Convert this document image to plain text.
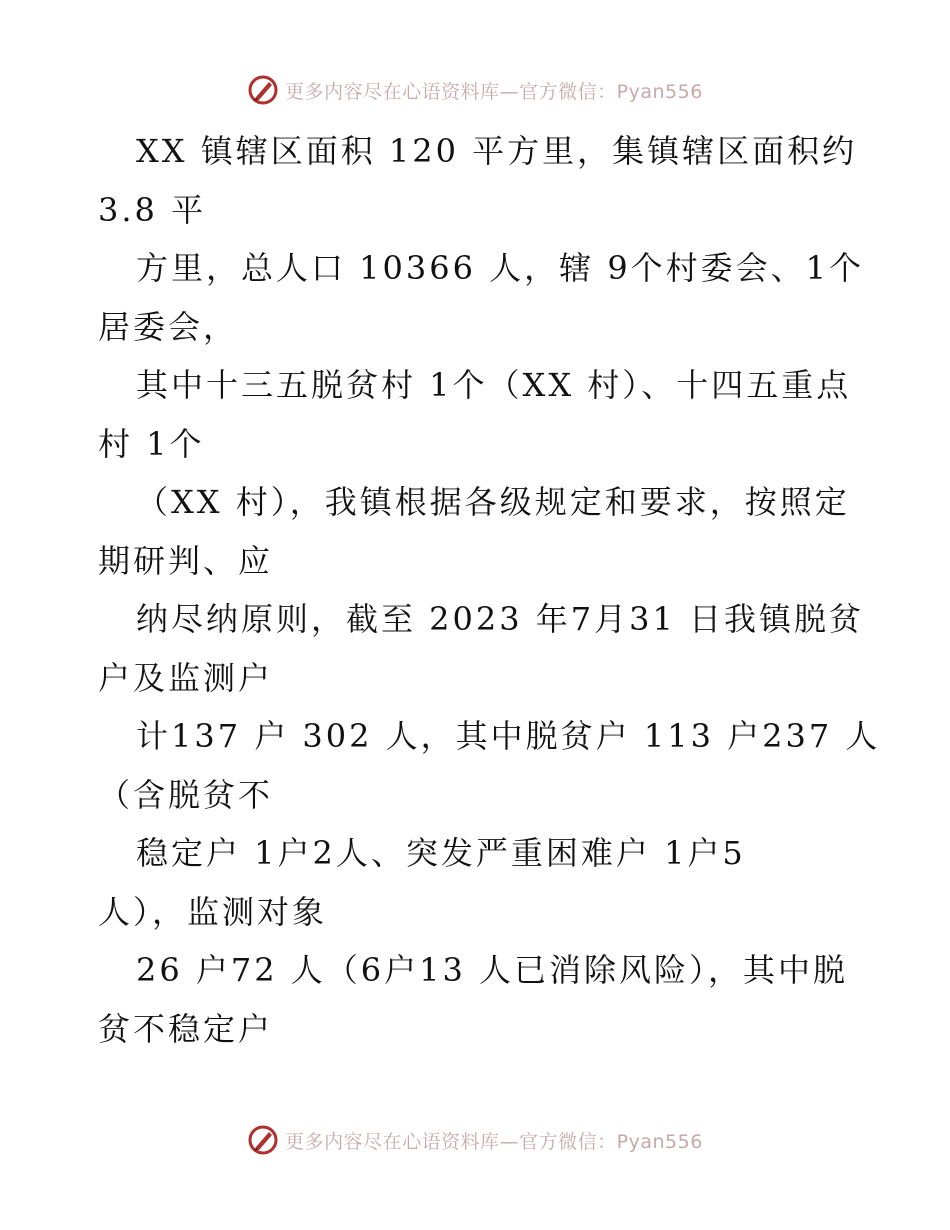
更多内容尽在心语资料库—官方微信：Pyan556
XX 镇辖区面积 120 平方里，集镇辖区面积约
3.8 平
方里，总人口 10366 人，辖 9个村委会、1个
居委会，
其中十三五脱贫村 1个（XX 村）、十四五重点
村 1个
（XX 村），我镇根据各级规定和要求，按照定
期研判、应
纳尽纳原则，截至 2023 年7月31 日我镇脱贫
户及监测户
计137 户 302 人，其中脱贫户 113 户237 人
（含脱贫不
稳定户 1户2人、突发严重困难户 1户5
人），监测对象
26 户72 人（6户13 人已消除风险），其中脱
贫不稳定户
更多内容尽在心语资料库—官方微信：Pyan556
